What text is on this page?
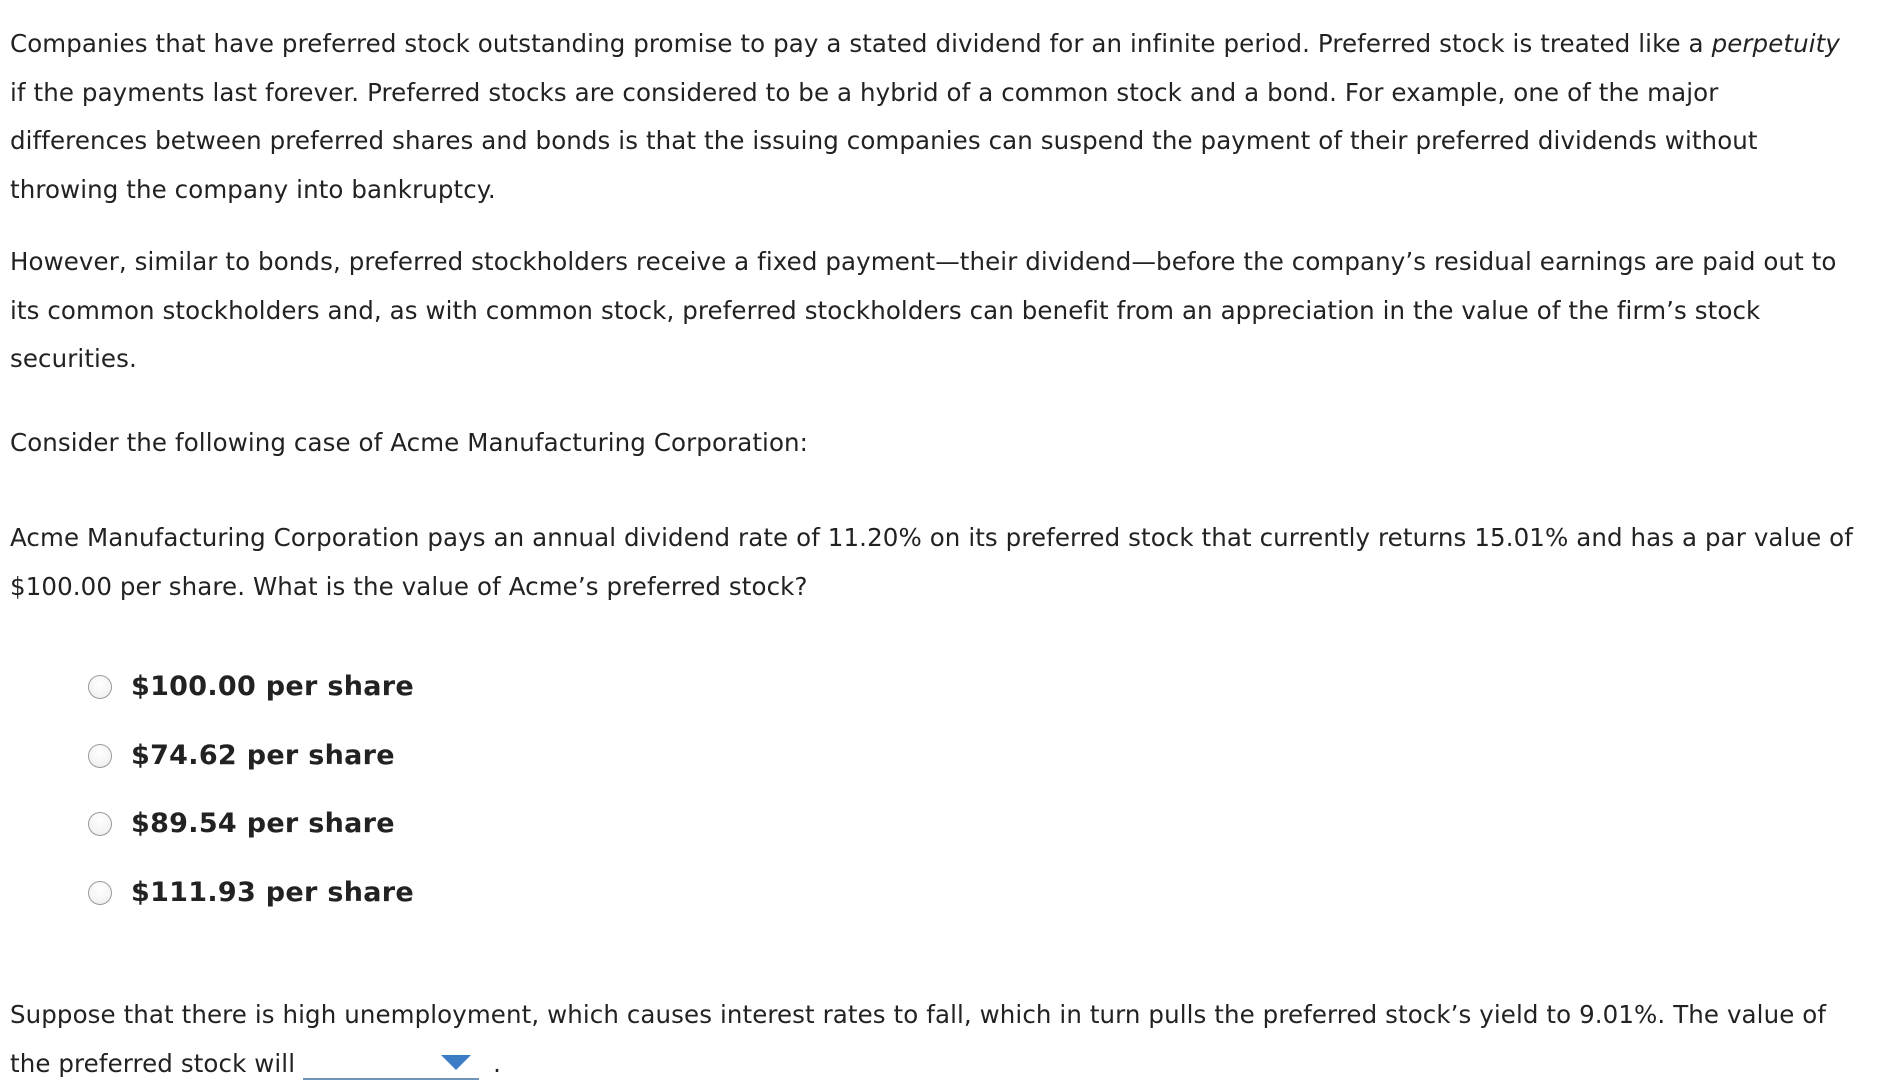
Companies that have preferred stock outstanding promise to pay a stated dividend for an infinite period. Preferred stock is treated like a perpetuity if the payments last forever. Preferred stocks are considered to be a hybrid of a common stock and a bond. For example, one of the major differences between preferred shares and bonds is that the issuing companies can suspend the payment of their preferred dividends without throwing the company into bankruptcy.

However, similar to bonds, preferred stockholders receive a fixed payment—their dividend—before the company’s residual earnings are paid out to its common stockholders and, as with common stock, preferred stockholders can benefit from an appreciation in the value of the firm’s stock securities.

Consider the following case of Acme Manufacturing Corporation:

Acme Manufacturing Corporation pays an annual dividend rate of 11.20% on its preferred stock that currently returns 15.01% and has a par value of $100.00 per share. What is the value of Acme’s preferred stock?

$100.00 per share
$74.62 per share
$89.54 per share
$111.93 per share

Suppose that there is high unemployment, which causes interest rates to fall, which in turn pulls the preferred stock’s yield to 9.01%. The value of the preferred stock will	.
